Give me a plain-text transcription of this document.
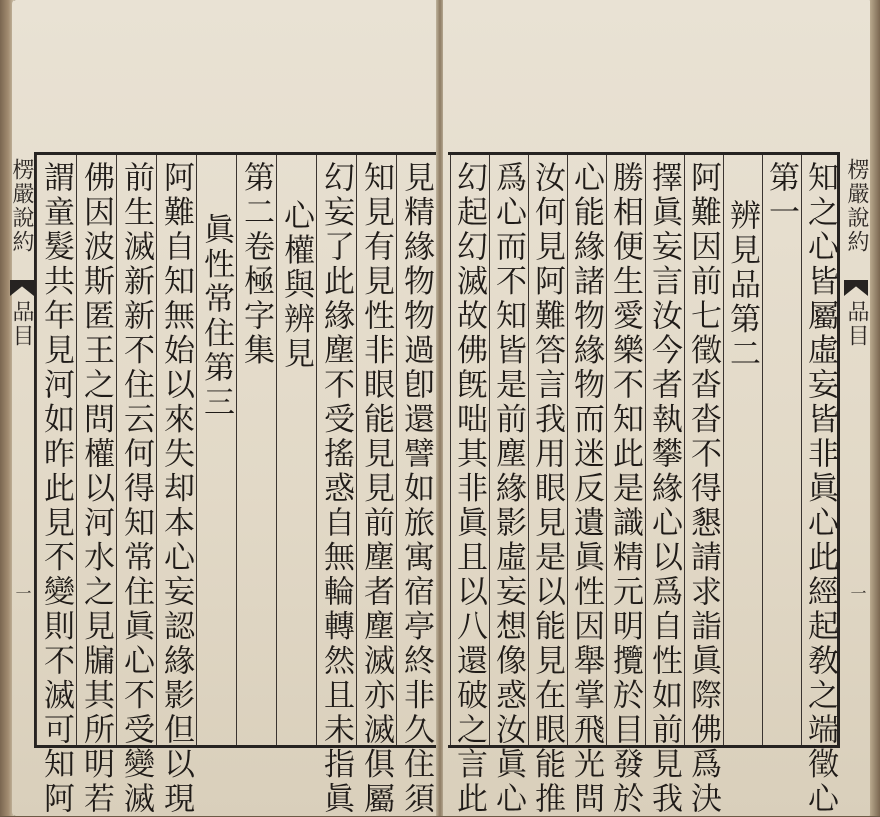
見精緣物物過卽還譬如旅寓宿亭終非久住須
知見有見性非眼能見見前塵者塵滅亦滅俱屬
幻妄了此緣塵不受搖惑自無輪轉然且未指眞
心權與辨見
第二卷極字集
眞性常住第三
阿難自知無始以來失却本心妄認緣影但以現
前生滅新新不住云何得知常住眞心不受變滅
佛因波斯匿王之問權以河水之見牖其所明若
謂童髮共年見河如昨此見不變則不滅可知阿
楞嚴說約
品目
一	知之心皆屬虛妄皆非眞心此經起敎之端徵心
第一
辨見品第二
阿難因前七徵沓沓不得懇請求詣眞際佛爲決
擇眞妄言汝今者執攀緣心以爲自性如前見我
勝相便生愛樂不知此是識精元明攬於目發於
心能緣諸物緣物而迷反遺眞性因舉掌飛光問
汝何見阿難答言我用眼見是以能見在眼能推
爲心而不知皆是前塵緣影虛妄想像惑汝眞心
幻起幻滅故佛旣咄其非眞且以八還破之言此	楞嚴說約
品目
一
